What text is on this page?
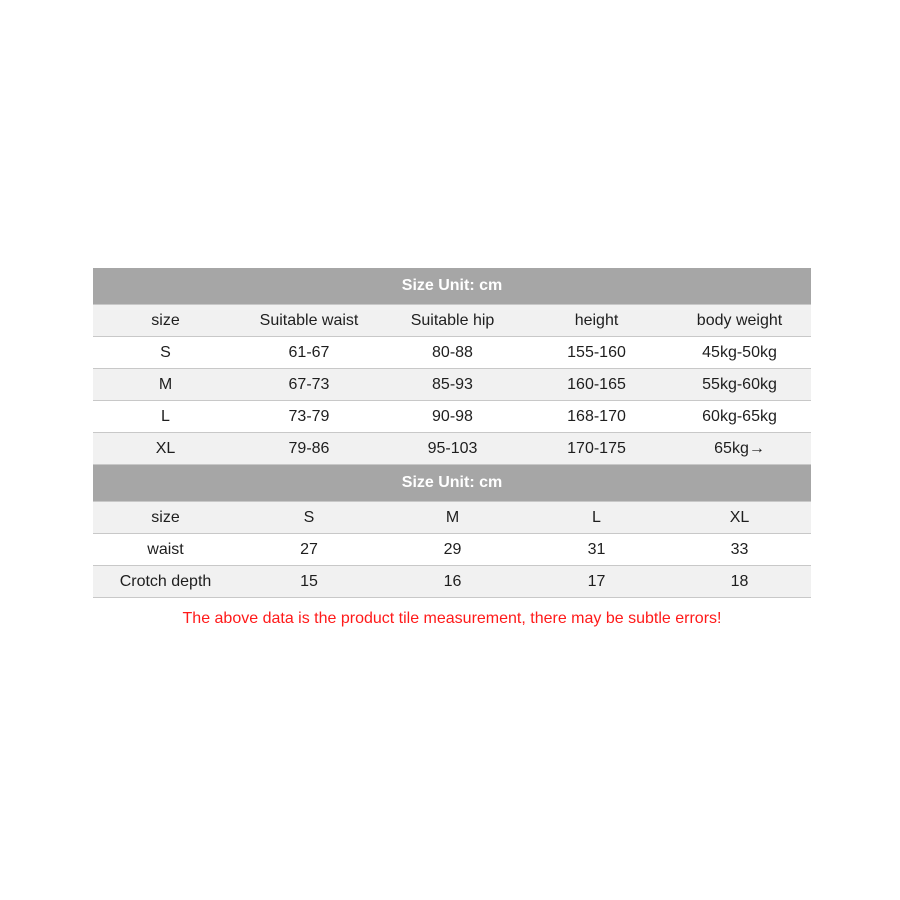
Size Unit: cm				
size	Suitable waist	Suitable hip	height	body weight
S	61-67	80-88	155-160	45kg-50kg
M	67-73	85-93	160-165	55kg-60kg
L	73-79	90-98	168-170	60kg-65kg
XL	79-86	95-103	170-175	65kg→
Size Unit: cm				
size	S	M	L	XL
waist	27	29	31	33
Crotch depth	15	16	17	18
The above data is the product tile measurement, there may be subtle errors!
